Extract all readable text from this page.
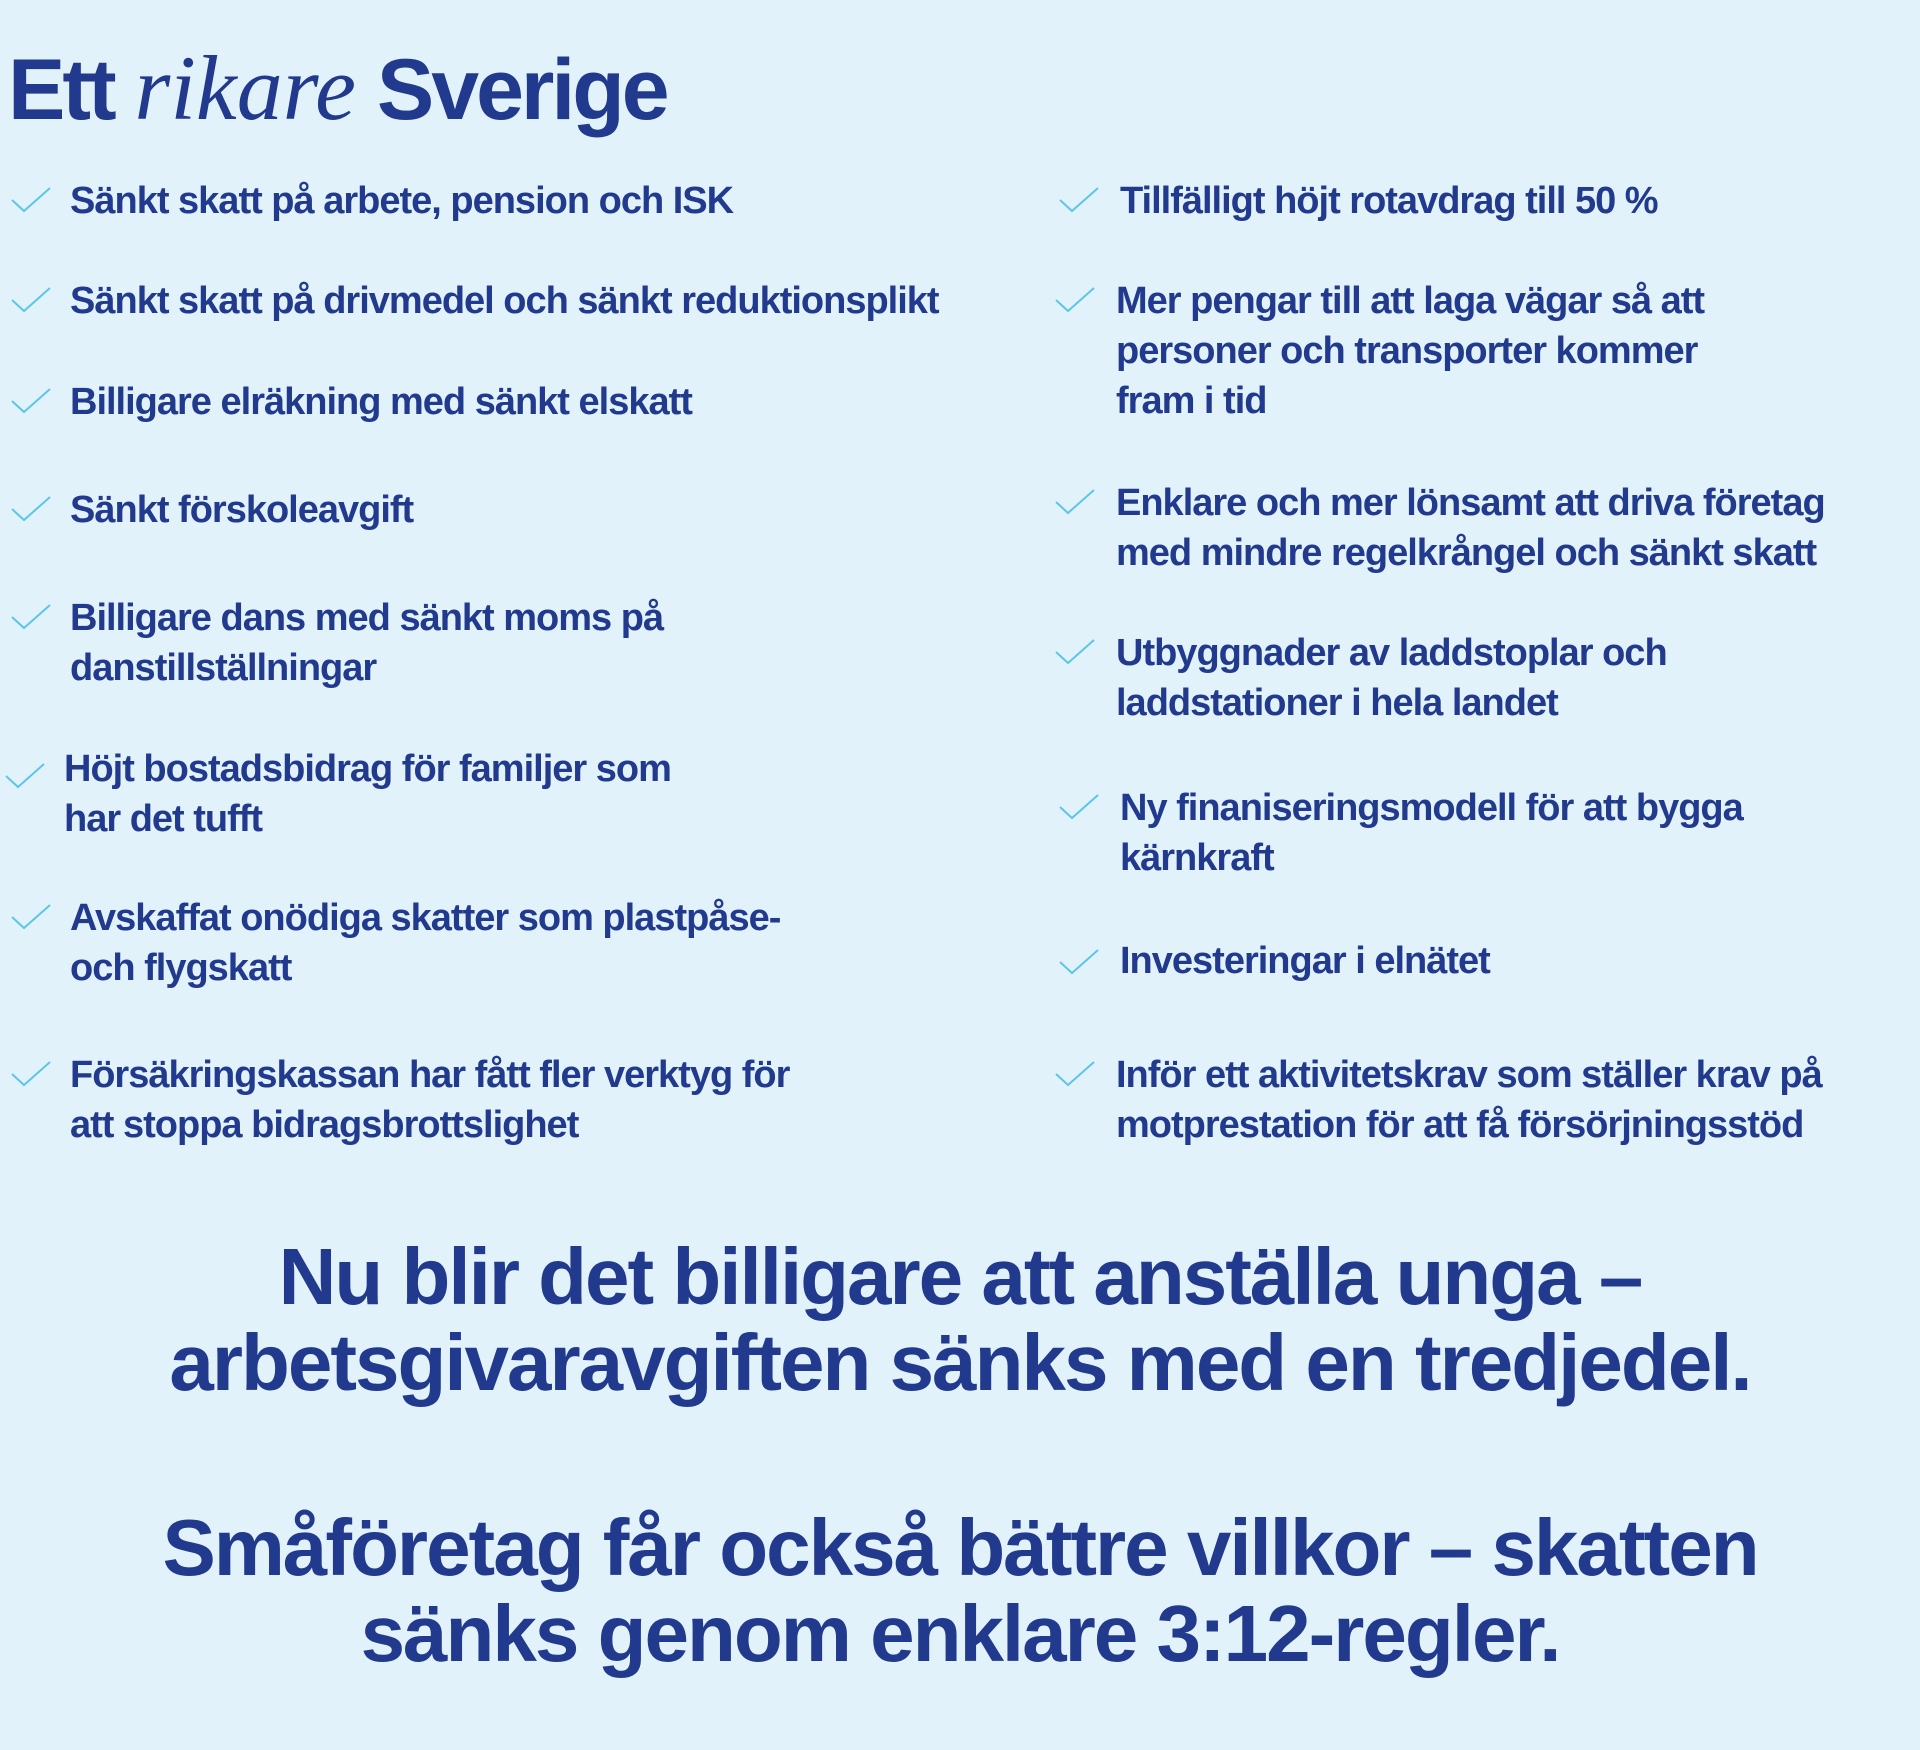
Ett rikare Sverige
Sänkt skatt på arbete, pension och ISK
Sänkt skatt på drivmedel och sänkt reduktionsplikt
Billigare elräkning med sänkt elskatt
Sänkt förskoleavgift
Billigare dans med sänkt moms på
danstillställningar
Höjt bostadsbidrag för familjer som
har det tufft
Avskaffat onödiga skatter som plastpåse-
och flygskatt
Försäkringskassan har fått fler verktyg för
att stoppa bidragsbrottslighet
Tillfälligt höjt rotavdrag till 50 %
Mer pengar till att laga vägar så att
personer och transporter kommer
fram i tid
Enklare och mer lönsamt att driva företag
med mindre regelkrångel och sänkt skatt
Utbyggnader av laddstoplar och
laddstationer i hela landet
Ny finaniseringsmodell för att bygga
kärnkraft
Investeringar i elnätet
Inför ett aktivitetskrav som ställer krav på
motprestation för att få försörjningsstöd
Nu blir det billigare att anställa unga –
arbetsgivaravgiften sänks med en tredjedel.
Småföretag får också bättre villkor – skatten
sänks genom enklare 3:12-regler.
